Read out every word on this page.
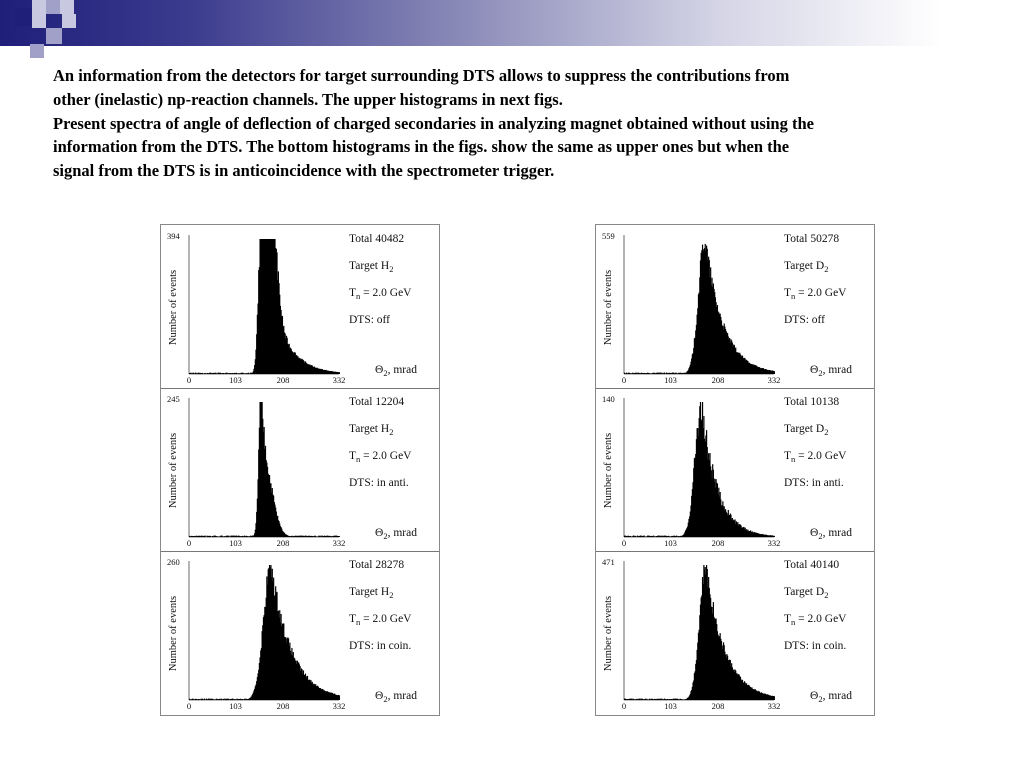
An information from the detectors for target surrounding DTS allows to suppress the contributions from
other (inelastic) np-reaction channels. The upper histograms in next figs.
Present spectra of angle of deflection of charged secondaries in analyzing magnet obtained without using the
information from the DTS. The bottom histograms in the figs. show the same as upper ones but when the
signal from the DTS is in anticoincidence with the spectrometer trigger.
394
Number of events
0	103	208	332
$\Theta_2$, mrad
Total 40482
Target $H_2$
$T_n = 2.0$ GeV
DTS: off
245
Number of events
0	103	208	332
$\Theta_2$, mrad
Total 12204
Target $H_2$
$T_n = 2.0$ GeV
DTS: in anti.
260
Number of events
0	103	208	332
$\Theta_2$, mrad
Total 28278
Target $H_2$
$T_n = 2.0$ GeV
DTS: in coin.
559
Number of events
0	103	208	332
$\Theta_2$, mrad
Total 50278
Target $D_2$
$T_n = 2.0$ GeV
DTS: off
140
Number of events
0	103	208	332
$\Theta_2$, mrad
Total 10138
Target $D_2$
$T_n = 2.0$ GeV
DTS: in anti.
471
Number of events
0	103	208	332
$\Theta_2$, mrad
Total 40140
Target $D_2$
$T_n = 2.0$ GeV
DTS: in coin.
